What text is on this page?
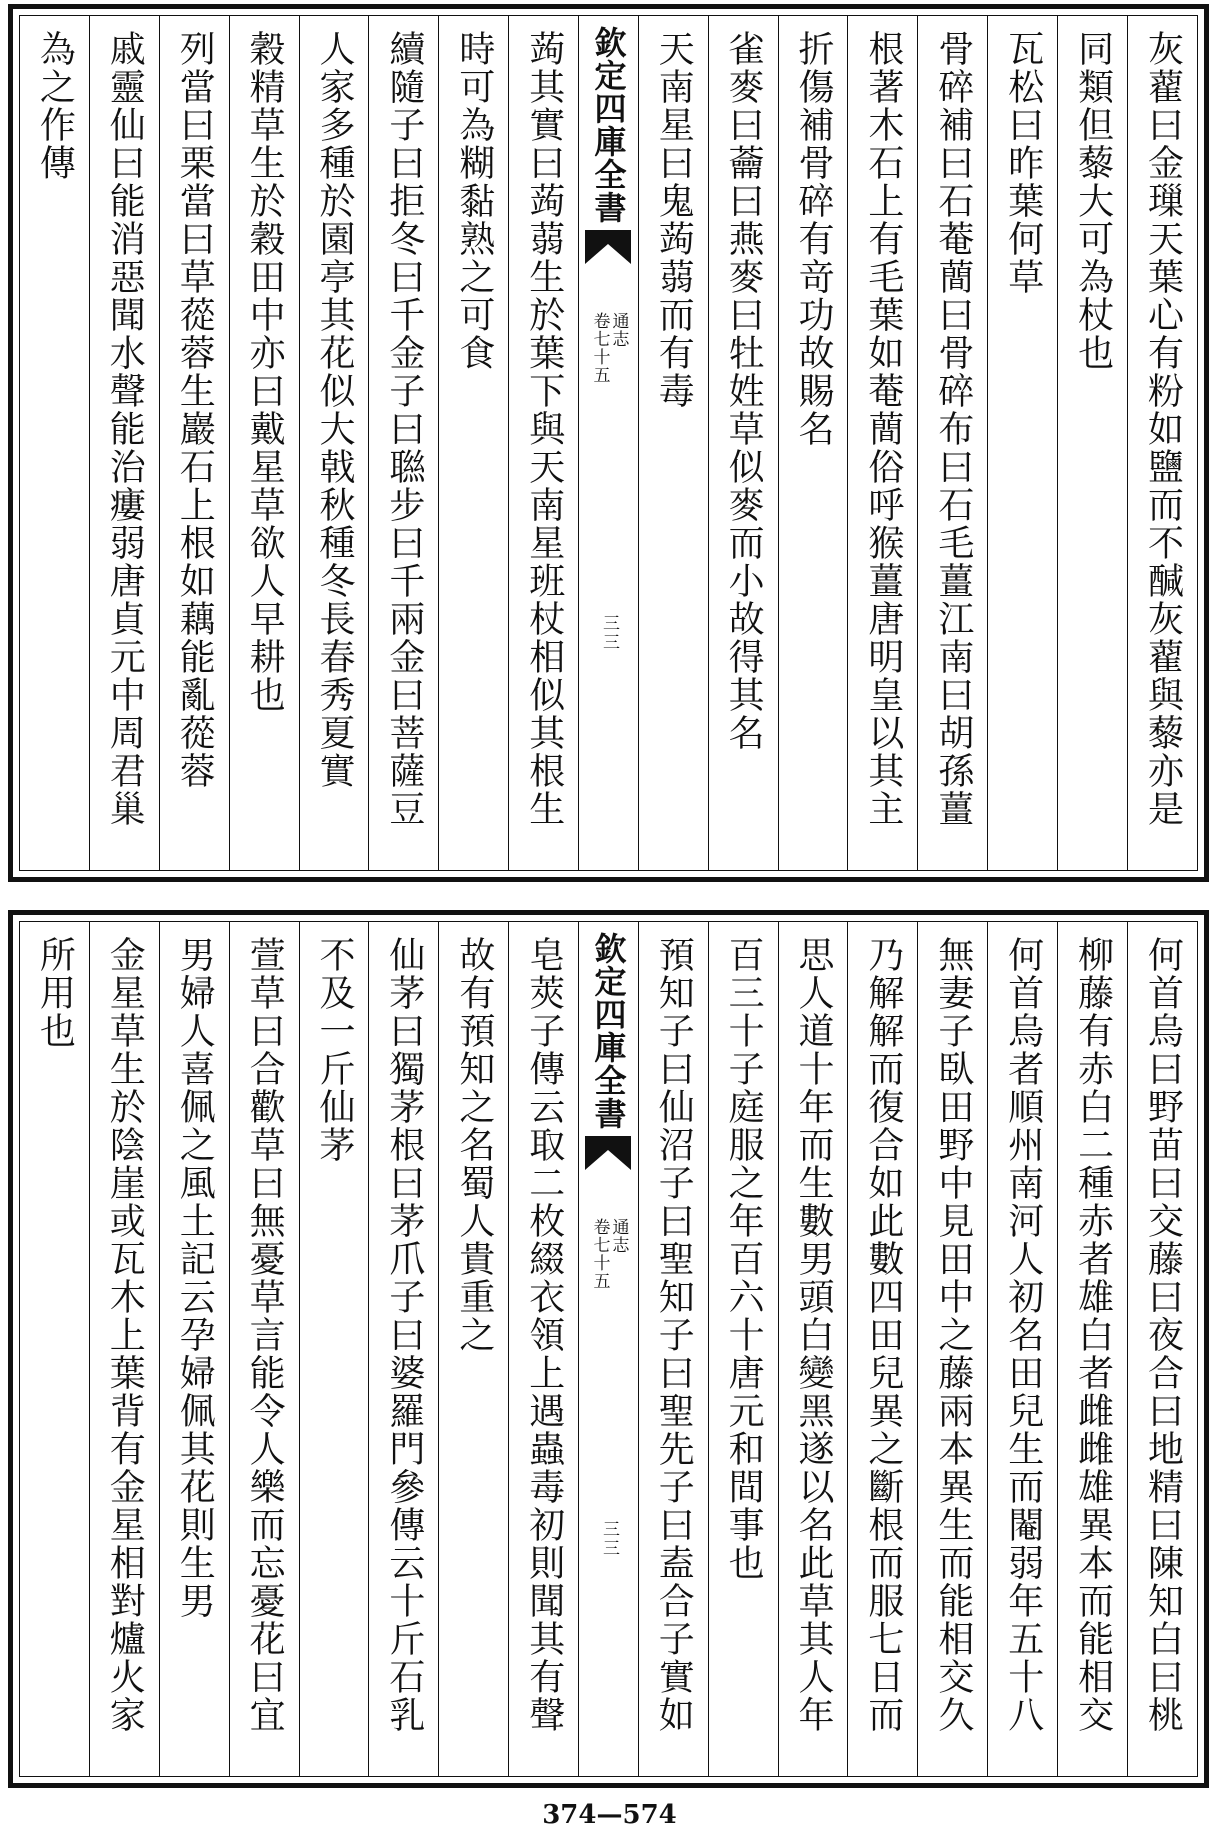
灰藋曰金璅天葉心有粉如鹽而不醎灰藋與藜亦是
同類但藜大可為杖也
瓦松曰昨葉何草
骨碎補曰石菴蕳曰骨碎布曰石毛薑江南曰胡孫薑
根著木石上有毛葉如菴蕳俗呼猴薑唐明皇以其主
折傷補骨碎有竒功故賜名
雀麥曰蘥曰燕麥曰牡姓草似麥而小故得其名
天南星曰鬼蒟蒻而有毒
欽定四庫全書
通志
卷七十五
三三
蒟其實曰蒟蒻生於葉下與天南星班杖相似其根生
時可為糊黏熟之可食
續隨子曰拒冬曰千金子曰聮步曰千兩金曰菩薩豆
人家多種於園亭其花似大戟秋種冬長春秀夏實
穀精草生於穀田中亦曰戴星草欲人早耕也
列當曰栗當曰草蓯蓉生巖石上根如藕能亂蓯蓉
戚靈仙曰能消惡聞水聲能治瘻弱唐貞元中周君巢
為之作傳
何首烏曰野苗曰交藤曰夜合曰地精曰陳知白曰桃
柳藤有赤白二種赤者雄白者雌雌雄異本而能相交
何首烏者順州南河人初名田兒生而閹弱年五十八
無妻子臥田野中見田中之藤兩本異生而能相交久
乃解解而復合如此數四田兒異之斷根而服七日而
思人道十年而生數男頭白變黑遂以名此草其人年
百三十子庭服之年百六十唐元和間事也
預知子曰仙沼子曰聖知子曰聖先子曰盍合子實如
欽定四庫全書
通志
卷七十五
三三
皂莢子傳云取二枚綴衣領上遇蟲毒初則聞其有聲
故有預知之名蜀人貴重之
仙茅曰獨茅根曰茅爪子曰婆羅門參傳云十斤石乳
不及一斤仙茅
萱草曰合歡草曰無憂草言能令人樂而忘憂花曰宜
男婦人喜佩之風土記云孕婦佩其花則生男
金星草生於陰崖或瓦木上葉背有金星相對爐火家
所用也
374—574
